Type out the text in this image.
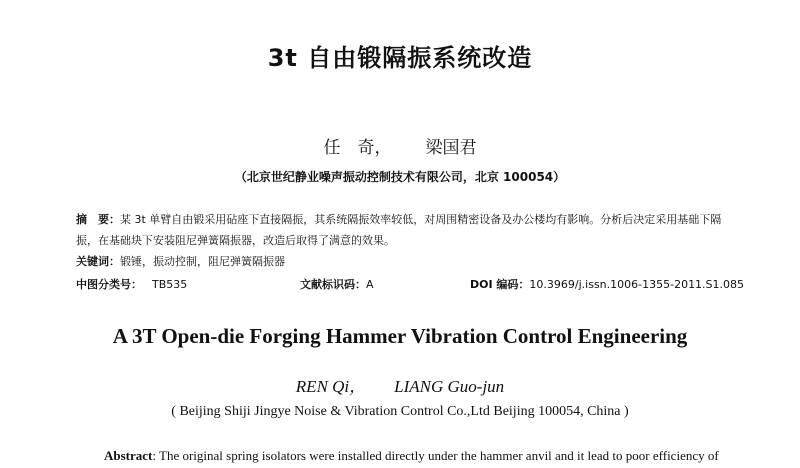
3t 自由锻隔振系统改造
任　奇， 梁国君
（北京世纪静业噪声振动控制技术有限公司，北京 100054）
摘　要：某 3t 单臂自由锻采用砧座下直接隔振，其系统隔振效率较低，对周围精密设备及办公楼均有影响。分析后决定采用基础下隔振，在基础块下安装阻尼弹簧隔振器，改造后取得了满意的效果。
关键词：锻锤，振动控制，阻尼弹簧隔振器
中图分类号： TB535	文献标识码：A	DOI 编码：10.3969/j.issn.1006-1355-2011.S1.085
A 3T Open-die Forging Hammer Vibration Control Engineering
REN Qi， LIANG Guo-jun
( Beijing Shiji Jingye Noise & Vibration Control Co.,Ltd Beijing 100054, China )
Abstract: The original spring isolators were installed directly under the hammer anvil and it lead to poor efficiency of
